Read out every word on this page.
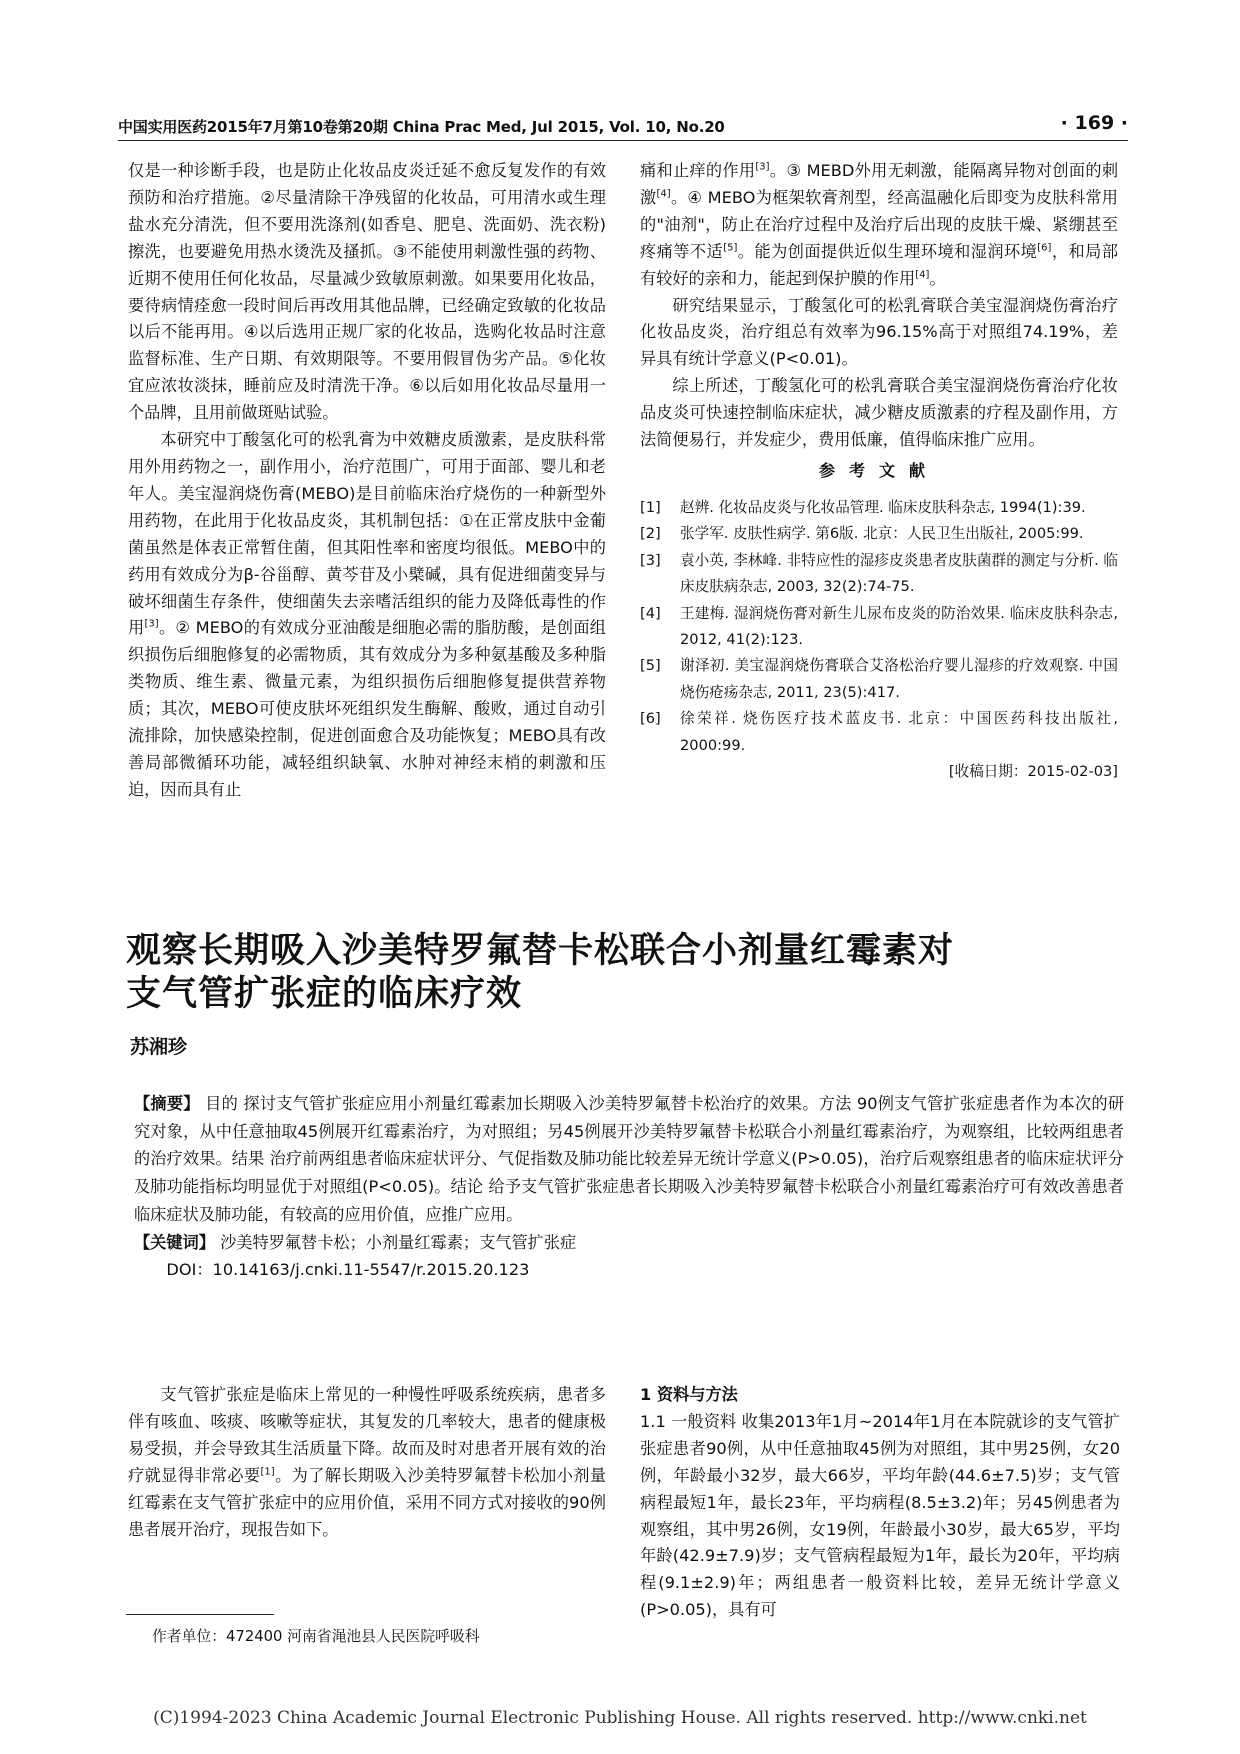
中国实用医药2015年7月第10卷第20期 China Prac Med, Jul 2015, Vol. 10, No.20	· 169 ·

仅是一种诊断手段，也是防止化妆品皮炎迁延不愈反复发作的有效预防和治疗措施。②尽量清除干净残留的化妆品，可用清水或生理盐水充分清洗，但不要用洗涤剂(如香皂、肥皂、洗面奶、洗衣粉)擦洗，也要避免用热水烫洗及搔抓。③不能使用刺激性强的药物、近期不使用任何化妆品，尽量减少致敏原刺激。如果要用化妆品，要待病情痊愈一段时间后再改用其他品牌，已经确定致敏的化妆品以后不能再用。④以后选用正规厂家的化妆品，选购化妆品时注意监督标准、生产日期、有效期限等。不要用假冒伪劣产品。⑤化妆宜应浓妆淡抹，睡前应及时清洗干净。⑥以后如用化妆品尽量用一个品牌，且用前做斑贴试验。

本研究中丁酸氢化可的松乳膏为中效糖皮质激素，是皮肤科常用外用药物之一，副作用小，治疗范围广，可用于面部、婴儿和老年人。美宝湿润烧伤膏(MEBO)是目前临床治疗烧伤的一种新型外用药物，在此用于化妆品皮炎，其机制包括：①在正常皮肤中金葡菌虽然是体表正常暂住菌，但其阳性率和密度均很低。MEBO中的药用有效成分为β-谷甾醇、黄芩苷及小檗碱，具有促进细菌变异与破坏细菌生存条件，使细菌失去亲嗜活组织的能力及降低毒性的作用[3]。② MEBO的有效成分亚油酸是细胞必需的脂肪酸，是创面组织损伤后细胞修复的必需物质，其有效成分为多种氨基酸及多种脂类物质、维生素、微量元素，为组织损伤后细胞修复提供营养物质；其次，MEBO可使皮肤坏死组织发生酶解、酸败，通过自动引流排除，加快感染控制，促进创面愈合及功能恢复；MEBO具有改善局部微循环功能，减轻组织缺氧、水肿对神经末梢的刺激和压迫，因而具有止

痛和止痒的作用[3]。③ MEBD外用无刺激，能隔离异物对创面的刺激[4]。④ MEBO为框架软膏剂型，经高温融化后即变为皮肤科常用的"油剂"，防止在治疗过程中及治疗后出现的皮肤干燥、紧绷甚至疼痛等不适[5]。能为创面提供近似生理环境和湿润环境[6]，和局部有较好的亲和力，能起到保护膜的作用[4]。

研究结果显示，丁酸氢化可的松乳膏联合美宝湿润烧伤膏治疗化妆品皮炎，治疗组总有效率为96.15%高于对照组74.19%，差异具有统计学意义(P<0.01)。

综上所述，丁酸氢化可的松乳膏联合美宝湿润烧伤膏治疗化妆品皮炎可快速控制临床症状，减少糖皮质激素的疗程及副作用，方法简便易行，并发症少，费用低廉，值得临床推广应用。

参考文献

[1]	赵辨. 化妆品皮炎与化妆品管理. 临床皮肤科杂志, 1994(1):39.
[2]	张学军. 皮肤性病学. 第6版. 北京：人民卫生出版社, 2005:99.
[3]	袁小英, 李林峰. 非特应性的湿疹皮炎患者皮肤菌群的测定与分析. 临床皮肤病杂志, 2003, 32(2):74-75.
[4]	王建梅. 湿润烧伤膏对新生儿尿布皮炎的防治效果. 临床皮肤科杂志, 2012, 41(2):123.
[5]	谢泽初. 美宝湿润烧伤膏联合艾洛松治疗婴儿湿疹的疗效观察. 中国烧伤疮疡杂志, 2011, 23(5):417.
[6]	徐荣祥. 烧伤医疗技术蓝皮书. 北京：中国医药科技出版社, 2000:99.
[收稿日期：2015-02-03]
观察长期吸入沙美特罗氟替卡松联合小剂量红霉素对
支气管扩张症的临床疗效
苏湘珍

【摘要】 目的 探讨支气管扩张症应用小剂量红霉素加长期吸入沙美特罗氟替卡松治疗的效果。方法 90例支气管扩张症患者作为本次的研究对象，从中任意抽取45例展开红霉素治疗，为对照组；另45例展开沙美特罗氟替卡松联合小剂量红霉素治疗，为观察组，比较两组患者的治疗效果。结果 治疗前两组患者临床症状评分、气促指数及肺功能比较差异无统计学意义(P>0.05)，治疗后观察组患者的临床症状评分及肺功能指标均明显优于对照组(P<0.05)。结论 给予支气管扩张症患者长期吸入沙美特罗氟替卡松联合小剂量红霉素治疗可有效改善患者临床症状及肺功能，有较高的应用价值，应推广应用。

【关键词】 沙美特罗氟替卡松；小剂量红霉素；支气管扩张症

DOI：10.14163/j.cnki.11-5547/r.2015.20.123

支气管扩张症是临床上常见的一种慢性呼吸系统疾病，患者多伴有咳血、咳痰、咳嗽等症状，其复发的几率较大，患者的健康极易受损，并会导致其生活质量下降。故而及时对患者开展有效的治疗就显得非常必要[1]。为了解长期吸入沙美特罗氟替卡松加小剂量红霉素在支气管扩张症中的应用价值，采用不同方式对接收的90例患者展开治疗，现报告如下。

1 资料与方法

1.1 一般资料 收集2013年1月~2014年1月在本院就诊的支气管扩张症患者90例，从中任意抽取45例为对照组，其中男25例，女20例，年龄最小32岁，最大66岁，平均年龄(44.6±7.5)岁；支气管病程最短1年，最长23年，平均病程(8.5±3.2)年；另45例患者为观察组，其中男26例，女19例，年龄最小30岁，最大65岁，平均年龄(42.9±7.9)岁；支气管病程最短为1年，最长为20年，平均病程(9.1±2.9)年；两组患者一般资料比较，差异无统计学意义(P>0.05)，具有可

作者单位：472400 河南省渑池县人民医院呼吸科
(C)1994-2023 China Academic Journal Electronic Publishing House. All rights reserved. http://www.cnki.net
